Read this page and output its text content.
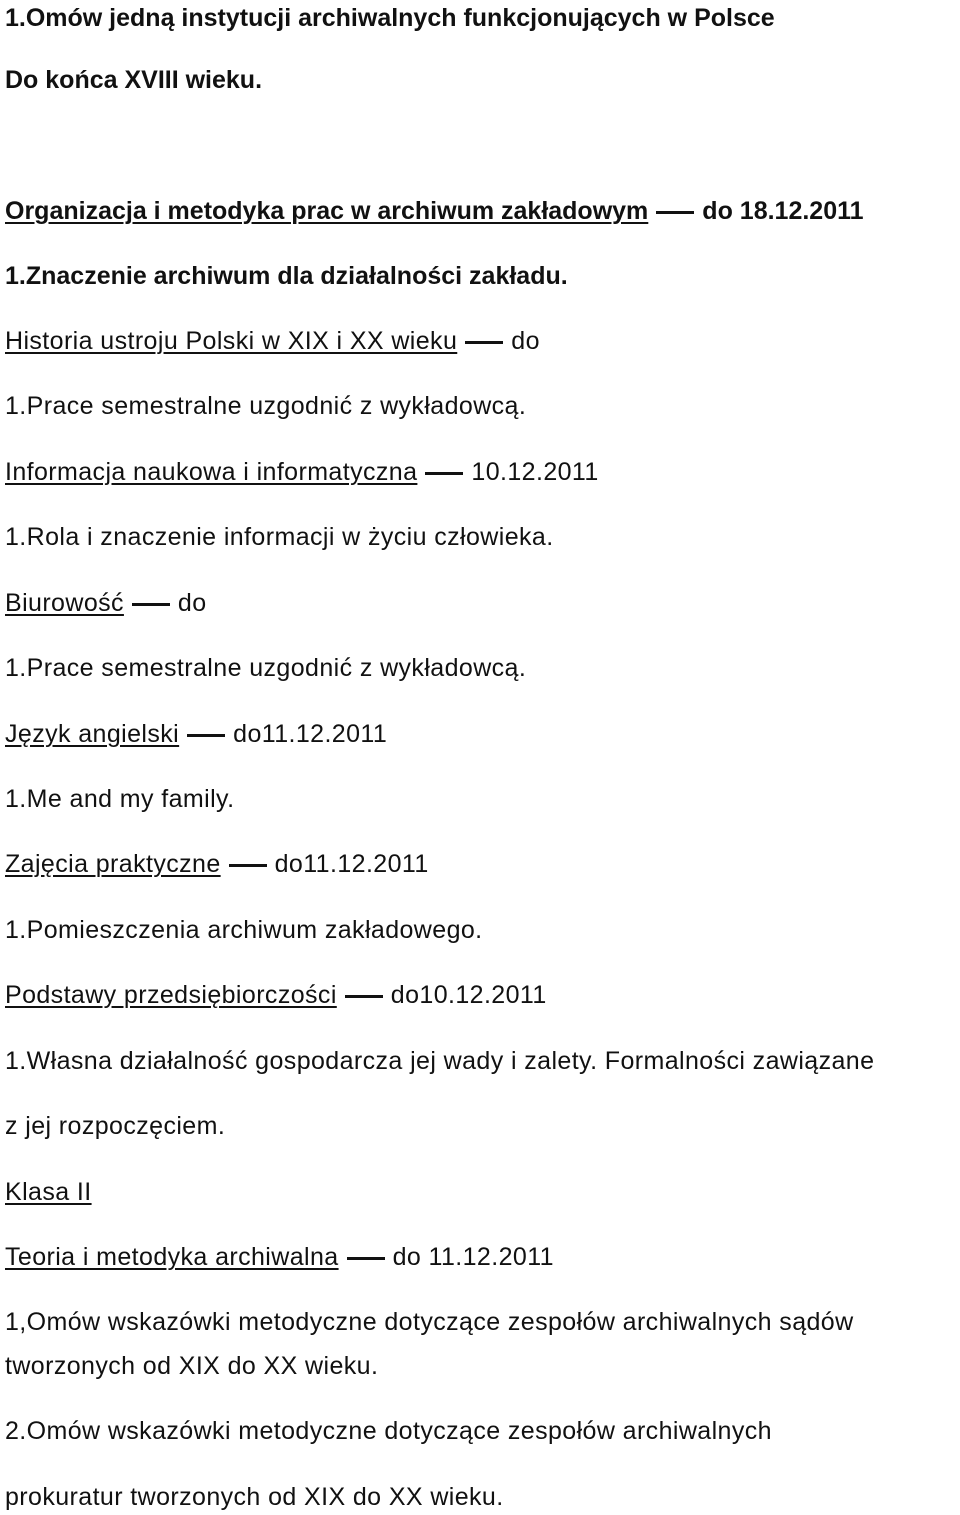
1.Omów jedną instytucji archiwalnych funkcjonujących w Polsce
Do końca XVIII wieku.
Organizacja i metodyka prac w archiwum zakładowym do 18.12.2011
1.Znaczenie archiwum dla działalności zakładu.
Historia ustroju Polski w XIX i XX wieku do
1.Prace semestralne uzgodnić z wykładowcą.
Informacja naukowa i informatyczna 10.12.2011
1.Rola i znaczenie informacji w życiu człowieka.
Biurowość do
1.Prace semestralne uzgodnić z wykładowcą.
Język angielski do11.12.2011
1.Me and my family.
Zajęcia praktyczne do11.12.2011
1.Pomieszczenia archiwum zakładowego.
Podstawy przedsiębiorczości do10.12.2011
1.Własna działalność gospodarcza jej wady i zalety. Formalności zawiązane
z jej rozpoczęciem.
Klasa II
Teoria i metodyka archiwalna do 11.12.2011
1,Omów wskazówki metodyczne dotyczące zespołów archiwalnych sądów
tworzonych od XIX do XX wieku.
2.Omów wskazówki metodyczne dotyczące zespołów archiwalnych
prokuratur tworzonych od XIX do XX wieku.
